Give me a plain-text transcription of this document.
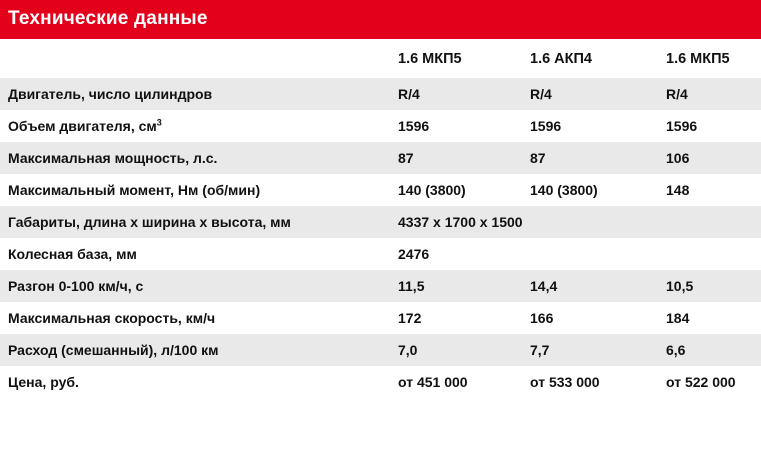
Технические данные			
	1.6 МКП5	1.6 АКП4	1.6 МКП5
Двигатель, число цилиндров	R/4	R/4	R/4
Объем двигателя, $см^3$	1596	1596	1596
Максимальная мощность, л.с.	87	87	106
Максимальный момент, Нм (об/мин)	140 (3800)	140 (3800)	148
Габариты, длина х ширина х высота, мм	4337 x 1700 x 1500		
Колесная база, мм	2476		
Разгон 0-100 км/ч, с	11,5	14,4	10,5
Максимальная скорость, км/ч	172	166	184
Расход (смешанный), л/100 км	7,0	7,7	6,6
Цена, руб.	от 451 000	от 533 000	от 522 000
